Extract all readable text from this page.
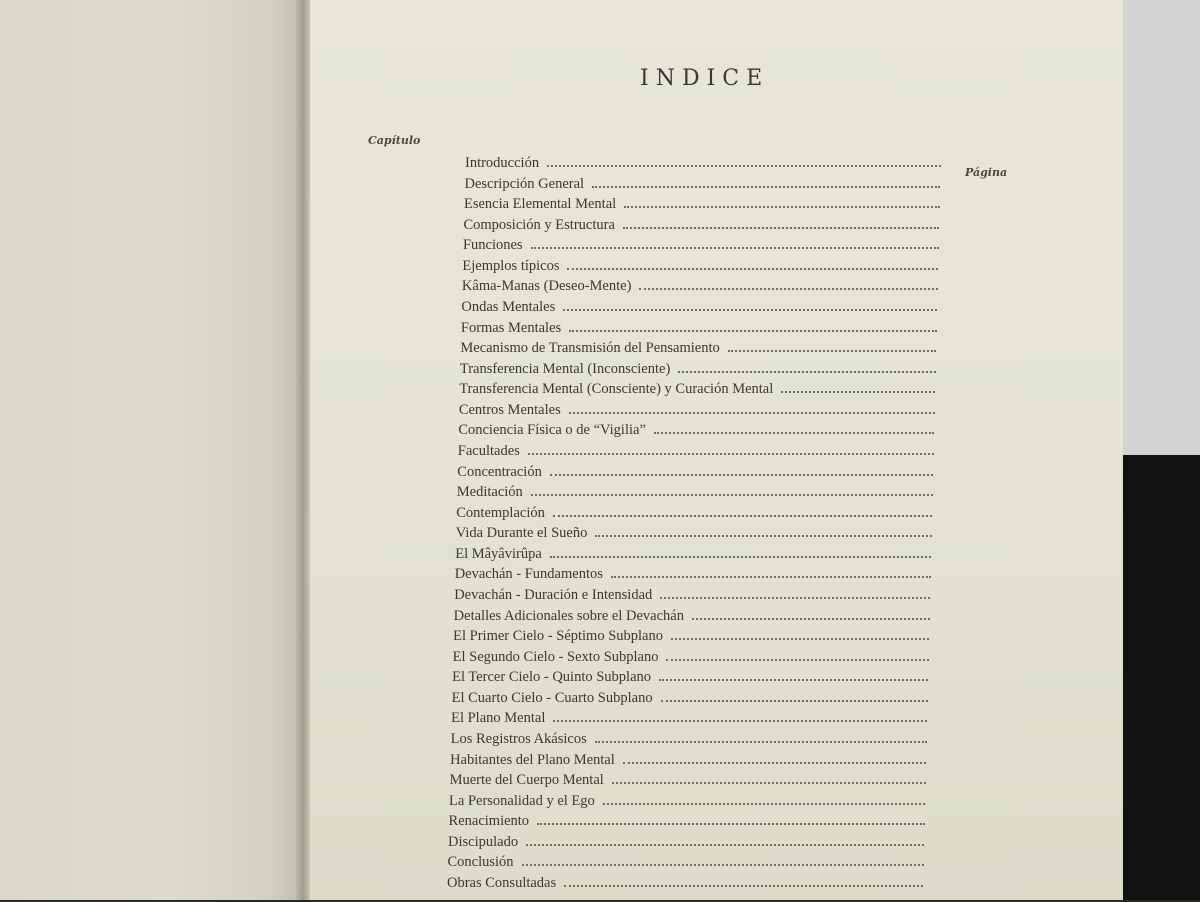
INDICE
Capítulo
Página
Introducción
Descripción General
Esencia Elemental Mental
Composición y Estructura
Funciones
Ejemplos típicos
Kâma-Manas (Deseo-Mente)
Ondas Mentales
Formas Mentales
Mecanismo de Transmisión del Pensamiento
Transferencia Mental (Inconsciente)
Transferencia Mental (Consciente) y Curación Mental
Centros Mentales
Conciencia Física o de “Vigilia”
Facultades
Concentración
Meditación
Contemplación
Vida Durante el Sueño
El Mâyâvirûpa
Devachán - Fundamentos
Devachán - Duración e Intensidad
Detalles Adicionales sobre el Devachán
El Primer Cielo - Séptimo Subplano
El Segundo Cielo - Sexto Subplano
El Tercer Cielo - Quinto Subplano
El Cuarto Cielo - Cuarto Subplano
El Plano Mental
Los Registros Akásicos
Habitantes del Plano Mental
Muerte del Cuerpo Mental
La Personalidad y el Ego
Renacimiento
Discipulado
Conclusión
Obras Consultadas
